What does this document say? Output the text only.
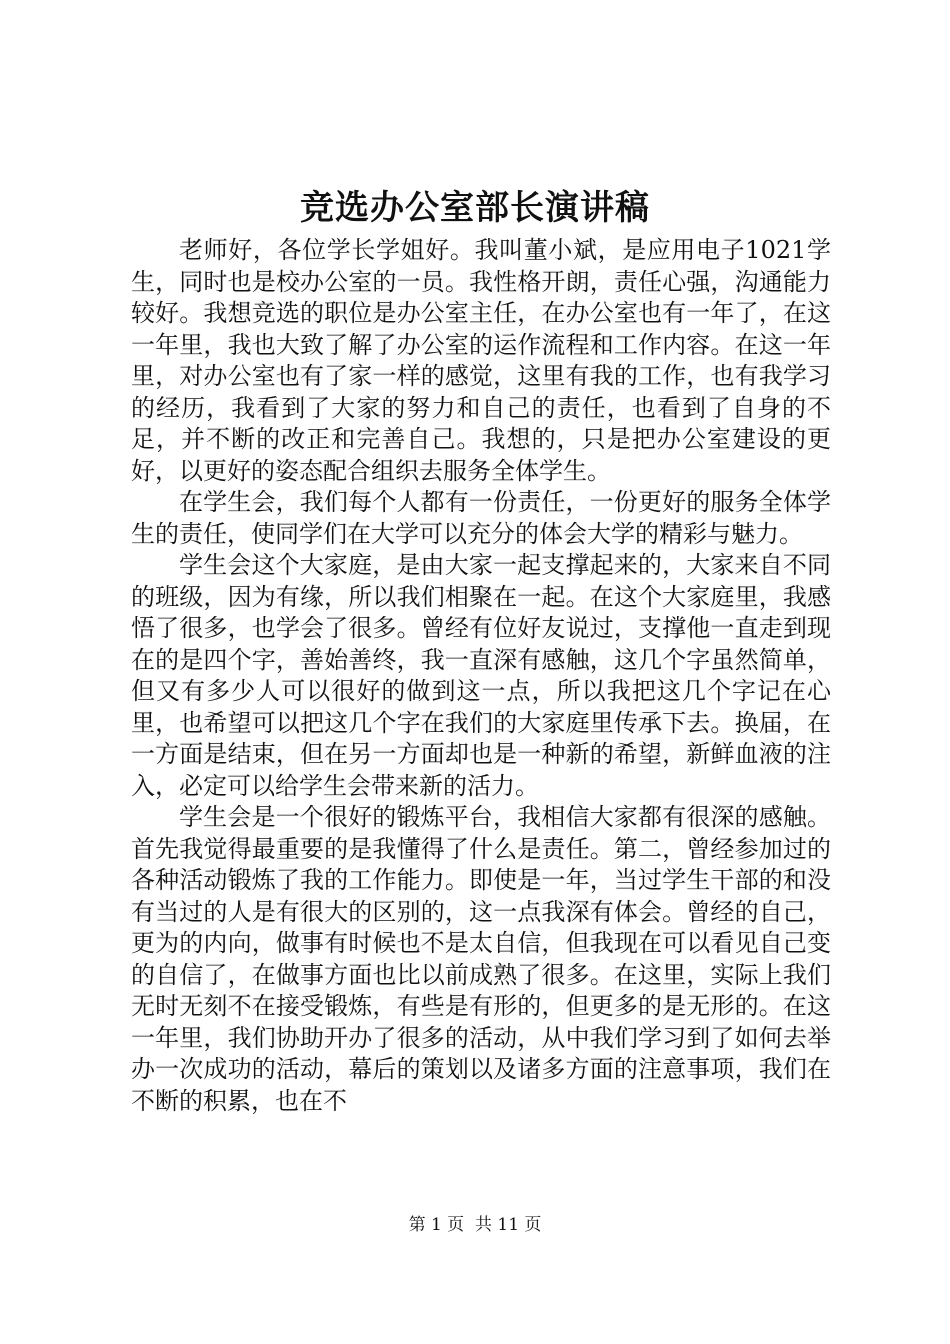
竞选办公室部长演讲稿

老师好，各位学长学姐好。我叫董小斌，是应用电子1021学生，同时也是校办公室的一员。我性格开朗，责任心强，沟通能力较好。我想竞选的职位是办公室主任，在办公室也有一年了，在这一年里，我也大致了解了办公室的运作流程和工作内容。在这一年里，对办公室也有了家一样的感觉，这里有我的工作，也有我学习的经历，我看到了大家的努力和自己的责任，也看到了自身的不足，并不断的改正和完善自己。我想的，只是把办公室建设的更好，以更好的姿态配合组织去服务全体学生。

在学生会，我们每个人都有一份责任，一份更好的服务全体学生的责任，使同学们在大学可以充分的体会大学的精彩与魅力。

学生会这个大家庭，是由大家一起支撑起来的，大家来自不同的班级，因为有缘，所以我们相聚在一起。在这个大家庭里，我感悟了很多，也学会了很多。曾经有位好友说过，支撑他一直走到现在的是四个字，善始善终，我一直深有感触，这几个字虽然简单，但又有多少人可以很好的做到这一点，所以我把这几个字记在心里，也希望可以把这几个字在我们的大家庭里传承下去。换届，在一方面是结束，但在另一方面却也是一种新的希望，新鲜血液的注入，必定可以给学生会带来新的活力。

学生会是一个很好的锻炼平台，我相信大家都有很深的感触。首先我觉得最重要的是我懂得了什么是责任。第二，曾经参加过的各种活动锻炼了我的工作能力。即使是一年，当过学生干部的和没有当过的人是有很大的区别的，这一点我深有体会。曾经的自己，更为的内向，做事有时候也不是太自信，但我现在可以看见自己变的自信了，在做事方面也比以前成熟了很多。在这里，实际上我们无时无刻不在接受锻炼，有些是有形的，但更多的是无形的。在这一年里，我们协助开办了很多的活动，从中我们学习到了如何去举办一次成功的活动，幕后的策划以及诸多方面的注意事项，我们在不断的积累，也在不

第 1 页  共 11 页
